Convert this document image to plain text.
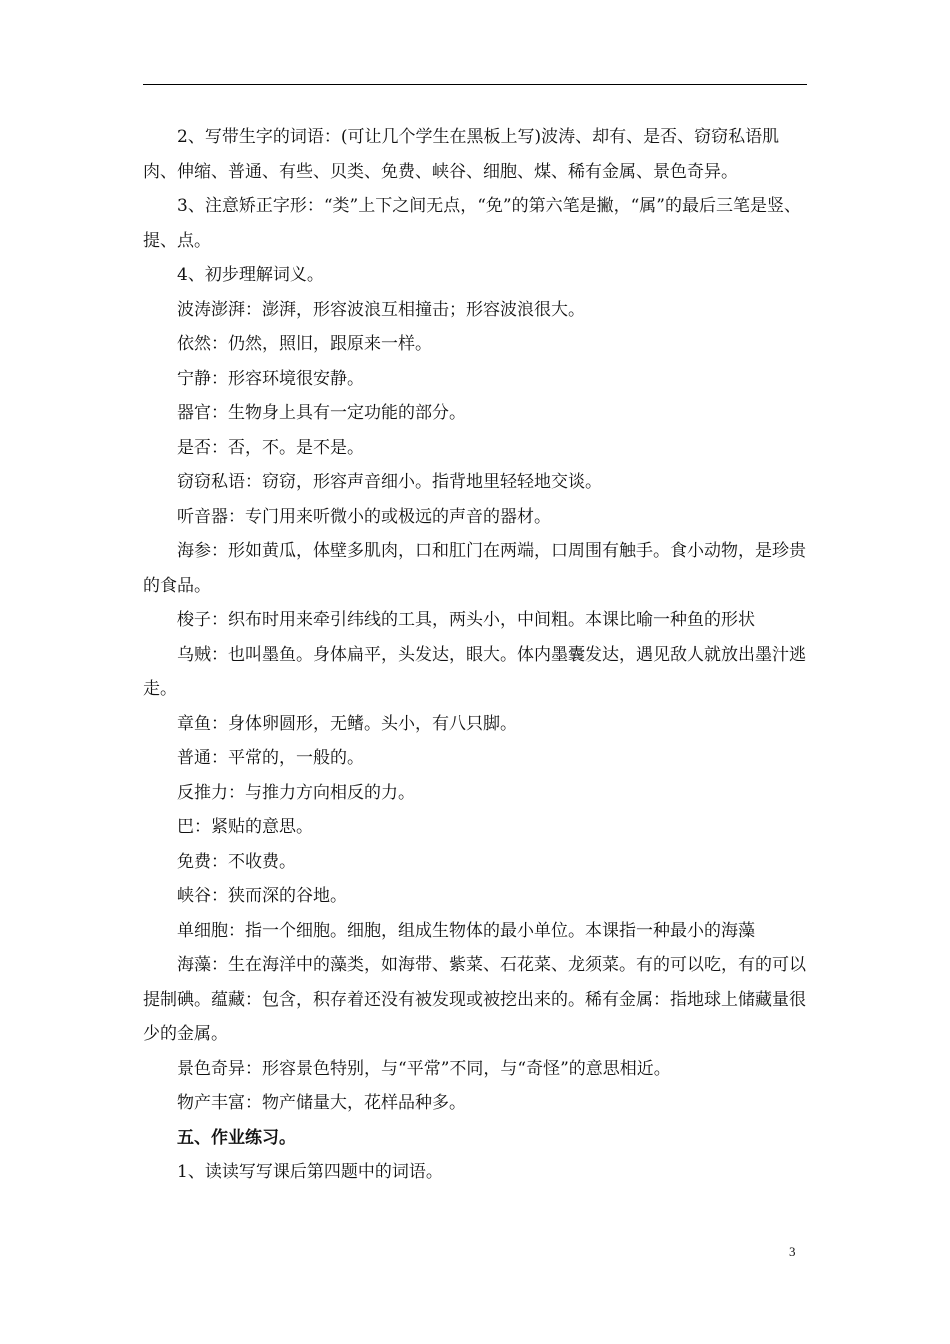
2、写带生字的词语：(可让几个学生在黑板上写)波涛、却有、是否、窃窃私语肌肉、伸缩、普通、有些、贝类、免费、峡谷、细胞、煤、稀有金属、景色奇异。

3、注意矫正字形：“类”上下之间无点，“免”的第六笔是撇，“属”的最后三笔是竖、提、点。

4、初步理解词义。

波涛澎湃：澎湃，形容波浪互相撞击；形容波浪很大。

依然：仍然，照旧，跟原来一样。

宁静：形容环境很安静。

器官：生物身上具有一定功能的部分。

是否：否，不。是不是。

窃窃私语：窃窃，形容声音细小。指背地里轻轻地交谈。

听音器：专门用来听微小的或极远的声音的器材。

海参：形如黄瓜，体壁多肌肉，口和肛门在两端，口周围有触手。食小动物，是珍贵的食品。

梭子：织布时用来牵引纬线的工具，两头小，中间粗。本课比喻一种鱼的形状

乌贼：也叫墨鱼。身体扁平，头发达，眼大。体内墨囊发达，遇见敌人就放出墨汁逃走。

章鱼：身体卵圆形，无鳍。头小，有八只脚。

普通：平常的，一般的。

反推力：与推力方向相反的力。

巴：紧贴的意思。

免费：不收费。

峡谷：狭而深的谷地。

单细胞：指一个细胞。细胞，组成生物体的最小单位。本课指一种最小的海藻

海藻：生在海洋中的藻类，如海带、紫菜、石花菜、龙须菜。有的可以吃，有的可以提制碘。蕴藏：包含，积存着还没有被发现或被挖出来的。稀有金属：指地球上储藏量很少的金属。

景色奇异：形容景色特别，与“平常”不同，与“奇怪”的意思相近。

物产丰富：物产储量大，花样品种多。

五、作业练习。

1、读读写写课后第四题中的词语。

3
